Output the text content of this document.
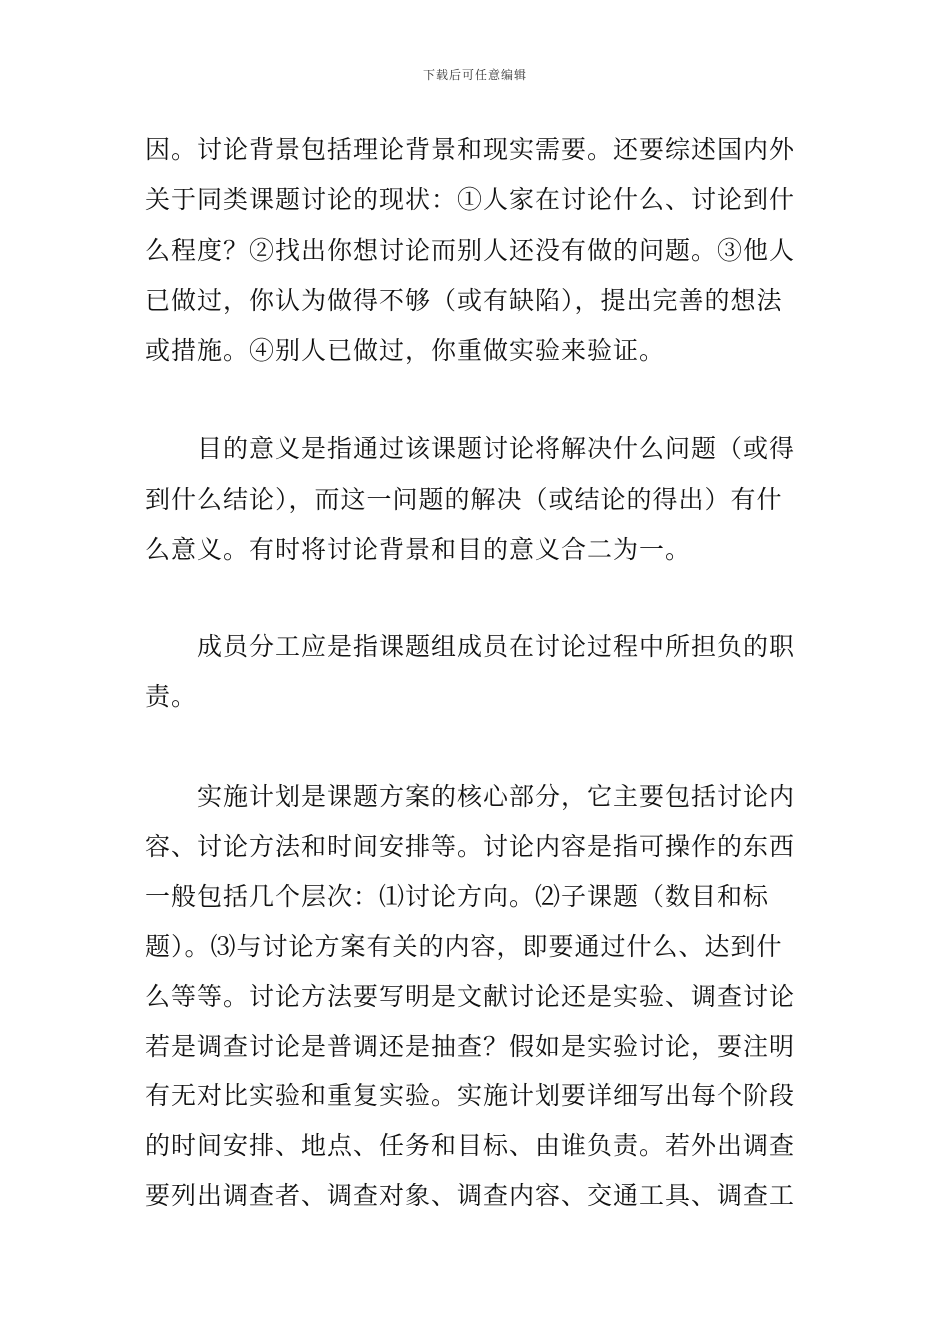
下载后可任意编辑
因。讨论背景包括理论背景和现实需要。还要综述国内外
关于同类课题讨论的现状：①人家在讨论什么、讨论到什
么程度？②找出你想讨论而别人还没有做的问题。③他人
已做过，你认为做得不够（或有缺陷），提出完善的想法
或措施。④别人已做过，你重做实验来验证。
目的意义是指通过该课题讨论将解决什么问题（或得
到什么结论），而这一问题的解决（或结论的得出）有什
么意义。有时将讨论背景和目的意义合二为一。
成员分工应是指课题组成员在讨论过程中所担负的职
责。
实施计划是课题方案的核心部分，它主要包括讨论内
容、讨论方法和时间安排等。讨论内容是指可操作的东西
一般包括几个层次：⑴讨论方向。⑵子课题（数目和标
题）。⑶与讨论方案有关的内容，即要通过什么、达到什
么等等。讨论方法要写明是文献讨论还是实验、调查讨论
若是调查讨论是普调还是抽查？假如是实验讨论，要注明
有无对比实验和重复实验。实施计划要详细写出每个阶段
的时间安排、地点、任务和目标、由谁负责。若外出调查
要列出调查者、调查对象、调查内容、交通工具、调查工
